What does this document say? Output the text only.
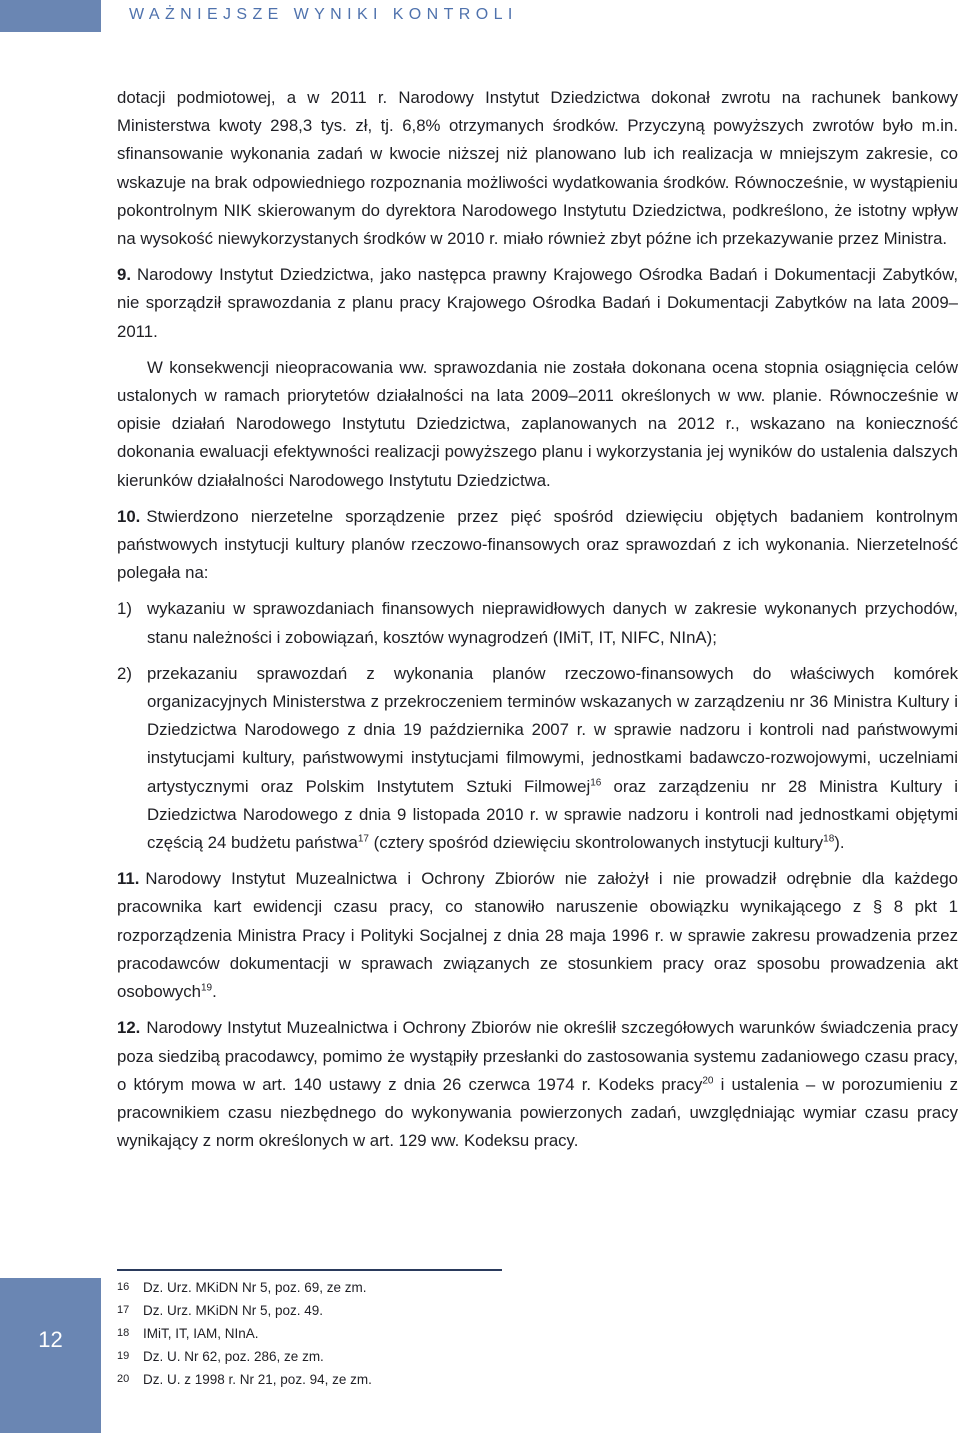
WAŻNIEJSZE WYNIKI KONTROLI

dotacji podmiotowej, a w 2011 r. Narodowy Instytut Dziedzictwa dokonał zwrotu na rachunek bankowy Ministerstwa kwoty 298,3 tys. zł, tj. 6,8% otrzymanych środków. Przyczyną powyższych zwrotów było m.in. sfinansowanie wykonania zadań w kwocie niższej niż planowano lub ich realizacja w mniejszym zakresie, co wskazuje na brak odpowiedniego rozpoznania możliwości wydatkowania środków. Równocześnie, w wystąpieniu pokontrolnym NIK skierowanym do dyrektora Narodowego Instytutu Dziedzictwa, podkreślono, że istotny wpływ na wysokość niewykorzystanych środków w 2010 r. miało również zbyt późne ich przekazywanie przez Ministra.

9. Narodowy Instytut Dziedzictwa, jako następca prawny Krajowego Ośrodka Badań i Dokumentacji Zabytków, nie sporządził sprawozdania z planu pracy Krajowego Ośrodka Badań i Dokumentacji Zabytków na lata 2009–2011.

W konsekwencji nieopracowania ww. sprawozdania nie została dokonana ocena stopnia osiągnięcia celów ustalonych w ramach priorytetów działalności na lata 2009–2011 określonych w ww. planie. Równocześnie w opisie działań Narodowego Instytutu Dziedzictwa, zaplanowanych na 2012 r., wskazano na konieczność dokonania ewaluacji efektywności realizacji powyższego planu i wykorzystania jej wyników do ustalenia dalszych kierunków działalności Narodowego Instytutu Dziedzictwa.

10. Stwierdzono nierzetelne sporządzenie przez pięć spośród dziewięciu objętych badaniem kontrolnym państwowych instytucji kultury planów rzeczowo-finansowych oraz sprawozdań z ich wykonania. Nierzetelność polegała na:

1) wykazaniu w sprawozdaniach finansowych nieprawidłowych danych w zakresie wykonanych przychodów, stanu należności i zobowiązań, kosztów wynagrodzeń (IMiT, IT, NIFC, NInA);
2) przekazaniu sprawozdań z wykonania planów rzeczowo-finansowych do właściwych komórek organizacyjnych Ministerstwa z przekroczeniem terminów wskazanych w zarządzeniu nr 36 Ministra Kultury i Dziedzictwa Narodowego z dnia 19 października 2007 r. w sprawie nadzoru i kontroli nad państwowymi instytucjami kultury, państwowymi instytucjami filmowymi, jednostkami badawczo-rozwojowymi, uczelniami artystycznymi oraz Polskim Instytutem Sztuki Filmowej$^{16}$ oraz zarządzeniu nr 28 Ministra Kultury i Dziedzictwa Narodowego z dnia 9 listopada 2010 r. w sprawie nadzoru i kontroli nad jednostkami objętymi częścią 24 budżetu państwa$^{17}$ (cztery spośród dziewięciu skontrolowanych instytucji kultury$^{18}$).

11. Narodowy Instytut Muzealnictwa i Ochrony Zbiorów nie założył i nie prowadził odrębnie dla każdego pracownika kart ewidencji czasu pracy, co stanowiło naruszenie obowiązku wynikającego z § 8 pkt 1 rozporządzenia Ministra Pracy i Polityki Socjalnej z dnia 28 maja 1996 r. w sprawie zakresu prowadzenia przez pracodawców dokumentacji w sprawach związanych ze stosunkiem pracy oraz sposobu prowadzenia akt osobowych$^{19}$.

12. Narodowy Instytut Muzealnictwa i Ochrony Zbiorów nie określił szczegółowych warunków świadczenia pracy poza siedzibą pracodawcy, pomimo że wystąpiły przesłanki do zastosowania systemu zadaniowego czasu pracy, o którym mowa w art. 140 ustawy z dnia 26 czerwca 1974 r. Kodeks pracy$^{20}$ i ustalenia – w porozumieniu z pracownikiem czasu niezbędnego do wykonywania powierzonych zadań, uwzględniając wymiar czasu pracy wynikający z norm określonych w art. 129 ww. Kodeksu pracy.

16	Dz. Urz. MKiDN Nr 5, poz. 69, ze zm.
17	Dz. Urz. MKiDN Nr 5, poz. 49.
18	IMiT, IT, IAM, NInA.
19	Dz. U. Nr 62, poz. 286, ze zm.
20	Dz. U. z 1998 r. Nr 21, poz. 94, ze zm.
12
